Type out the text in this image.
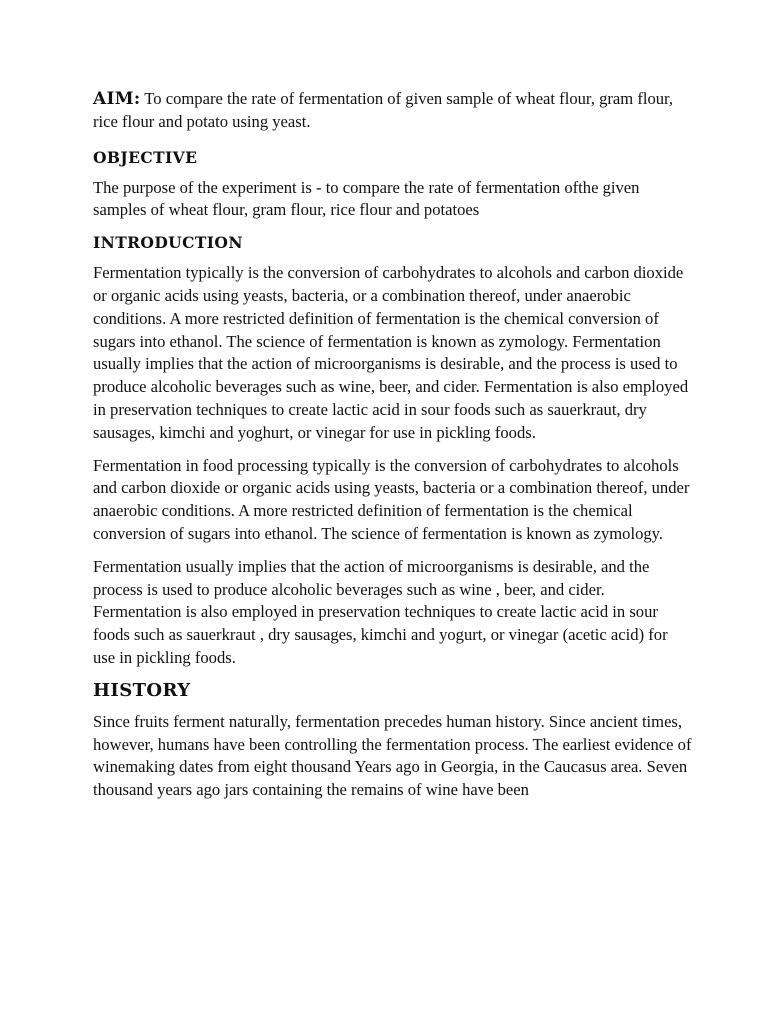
AIM: To compare the rate of fermentation of given sample of wheat flour, gram flour, rice flour and potato using yeast.

OBJECTIVE

The purpose of the experiment is - to compare the rate of fermentation ofthe given samples of wheat flour, gram flour, rice flour and potatoes

INTRODUCTION

Fermentation typically is the conversion of carbohydrates to alcohols and carbon dioxide or organic acids using yeasts, bacteria, or a combination thereof, under anaerobic conditions. A more restricted definition of fermentation is the chemical conversion of sugars into ethanol. The science of fermentation is known as zymology. Fermentation usually implies that the action of microorganisms is desirable, and the process is used to produce alcoholic beverages such as wine, beer, and cider. Fermentation is also employed in preservation techniques to create lactic acid in sour foods such as sauerkraut, dry sausages, kimchi and yoghurt, or vinegar for use in pickling foods.

Fermentation in food processing typically is the conversion of carbohydrates to alcohols and carbon dioxide or organic acids using yeasts, bacteria or a combination thereof, under anaerobic conditions. A more restricted definition of fermentation is the chemical conversion of sugars into ethanol. The science of fermentation is known as zymology.

Fermentation usually implies that the action of microorganisms is desirable, and the process is used to produce alcoholic beverages such as wine , beer, and cider. Fermentation is also employed in preservation techniques to create lactic acid in sour foods such as sauerkraut , dry sausages, kimchi and yogurt, or vinegar (acetic acid) for use in pickling foods.

HISTORY

Since fruits ferment naturally, fermentation precedes human history. Since ancient times, however, humans have been controlling the fermentation process. The earliest evidence of winemaking dates from eight thousand Years ago in Georgia, in the Caucasus area. Seven thousand years ago jars containing the remains of wine have been
